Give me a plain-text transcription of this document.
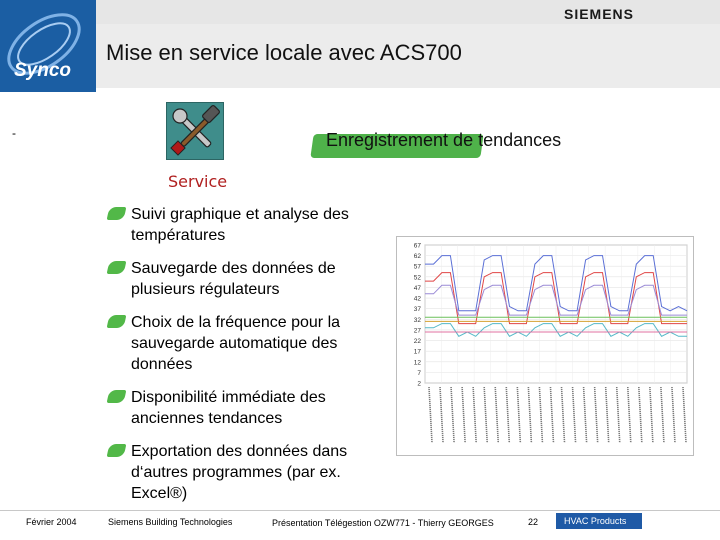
Synco
SIEMENS
Mise en service locale avec ACS700
-
Service
Enregistrement de tendances
Suivi graphique et analyse des températures
Sauvegarde des données de plusieurs régulateurs
Choix de la fréquence pour la sauvegarde automatique des données
Disponibilité immédiate des anciennes tendances
Exportation des données dans d‘autres programmes (par ex. Excel®)
67
62
57
52
47
42
37
32
27
22
17
12
7
2
Février 2004	Siemens Building Technologies	Présentation Télégestion OZW771 - Thierry GEORGES	22	HVAC Products
